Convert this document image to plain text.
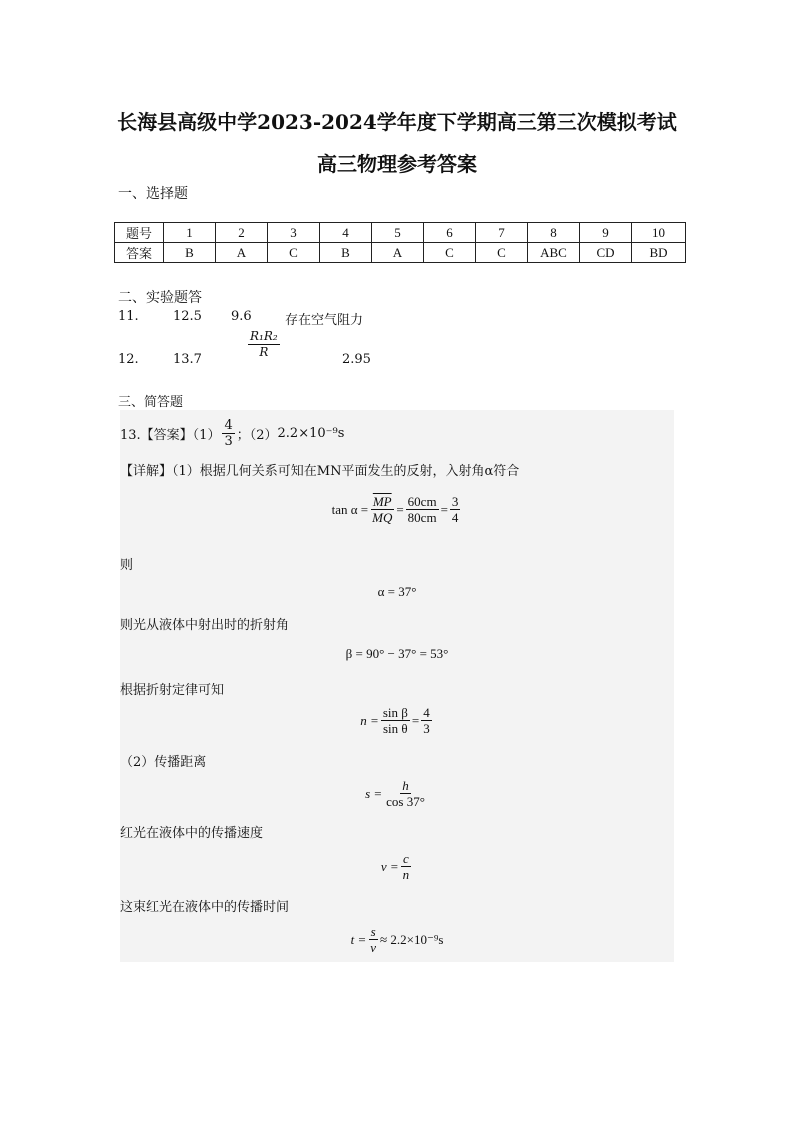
长海县高级中学2023-2024学年度下学期高三第三次模拟考试
高三物理参考答案
一、选择题
题号	1	2	3	4	5	6	7	8	9	10
答案	B	A	C	B	A	C	C	ABC	CD	BD
二、实验题答
11.	12.5 9.6	存在空气阻力
12.	13.7	$\frac{\text{R₁R₂}}{R}$	2.95
三、简答题
13.【答案】$(1) \frac{4}{3}$ ；（2） 2.2×10⁻⁹s
【详解】（1）根据几何关系可知在MN平面发生的反射，入射角α符合
$\tan \alpha = \frac{\overline{MP}}{MQ} = \frac{60cm}{80cm} = \frac{3}{4}$
则
α = 37°
则光从液体中射出时的折射角
β = 90° − 37° = 53°
根据折射定律可知
$n = \frac{\text{sin β}}{\text{sin θ}} = \frac{4}{3}$
（2）传播距离
$s = \frac{h}{\cos 37^\circ}$
红光在液体中的传播速度
$v = \frac{c}{n}$
这束红光在液体中的传播时间
$t = \frac{s}{v} \approx 2.2\times 10^{-9}s$
